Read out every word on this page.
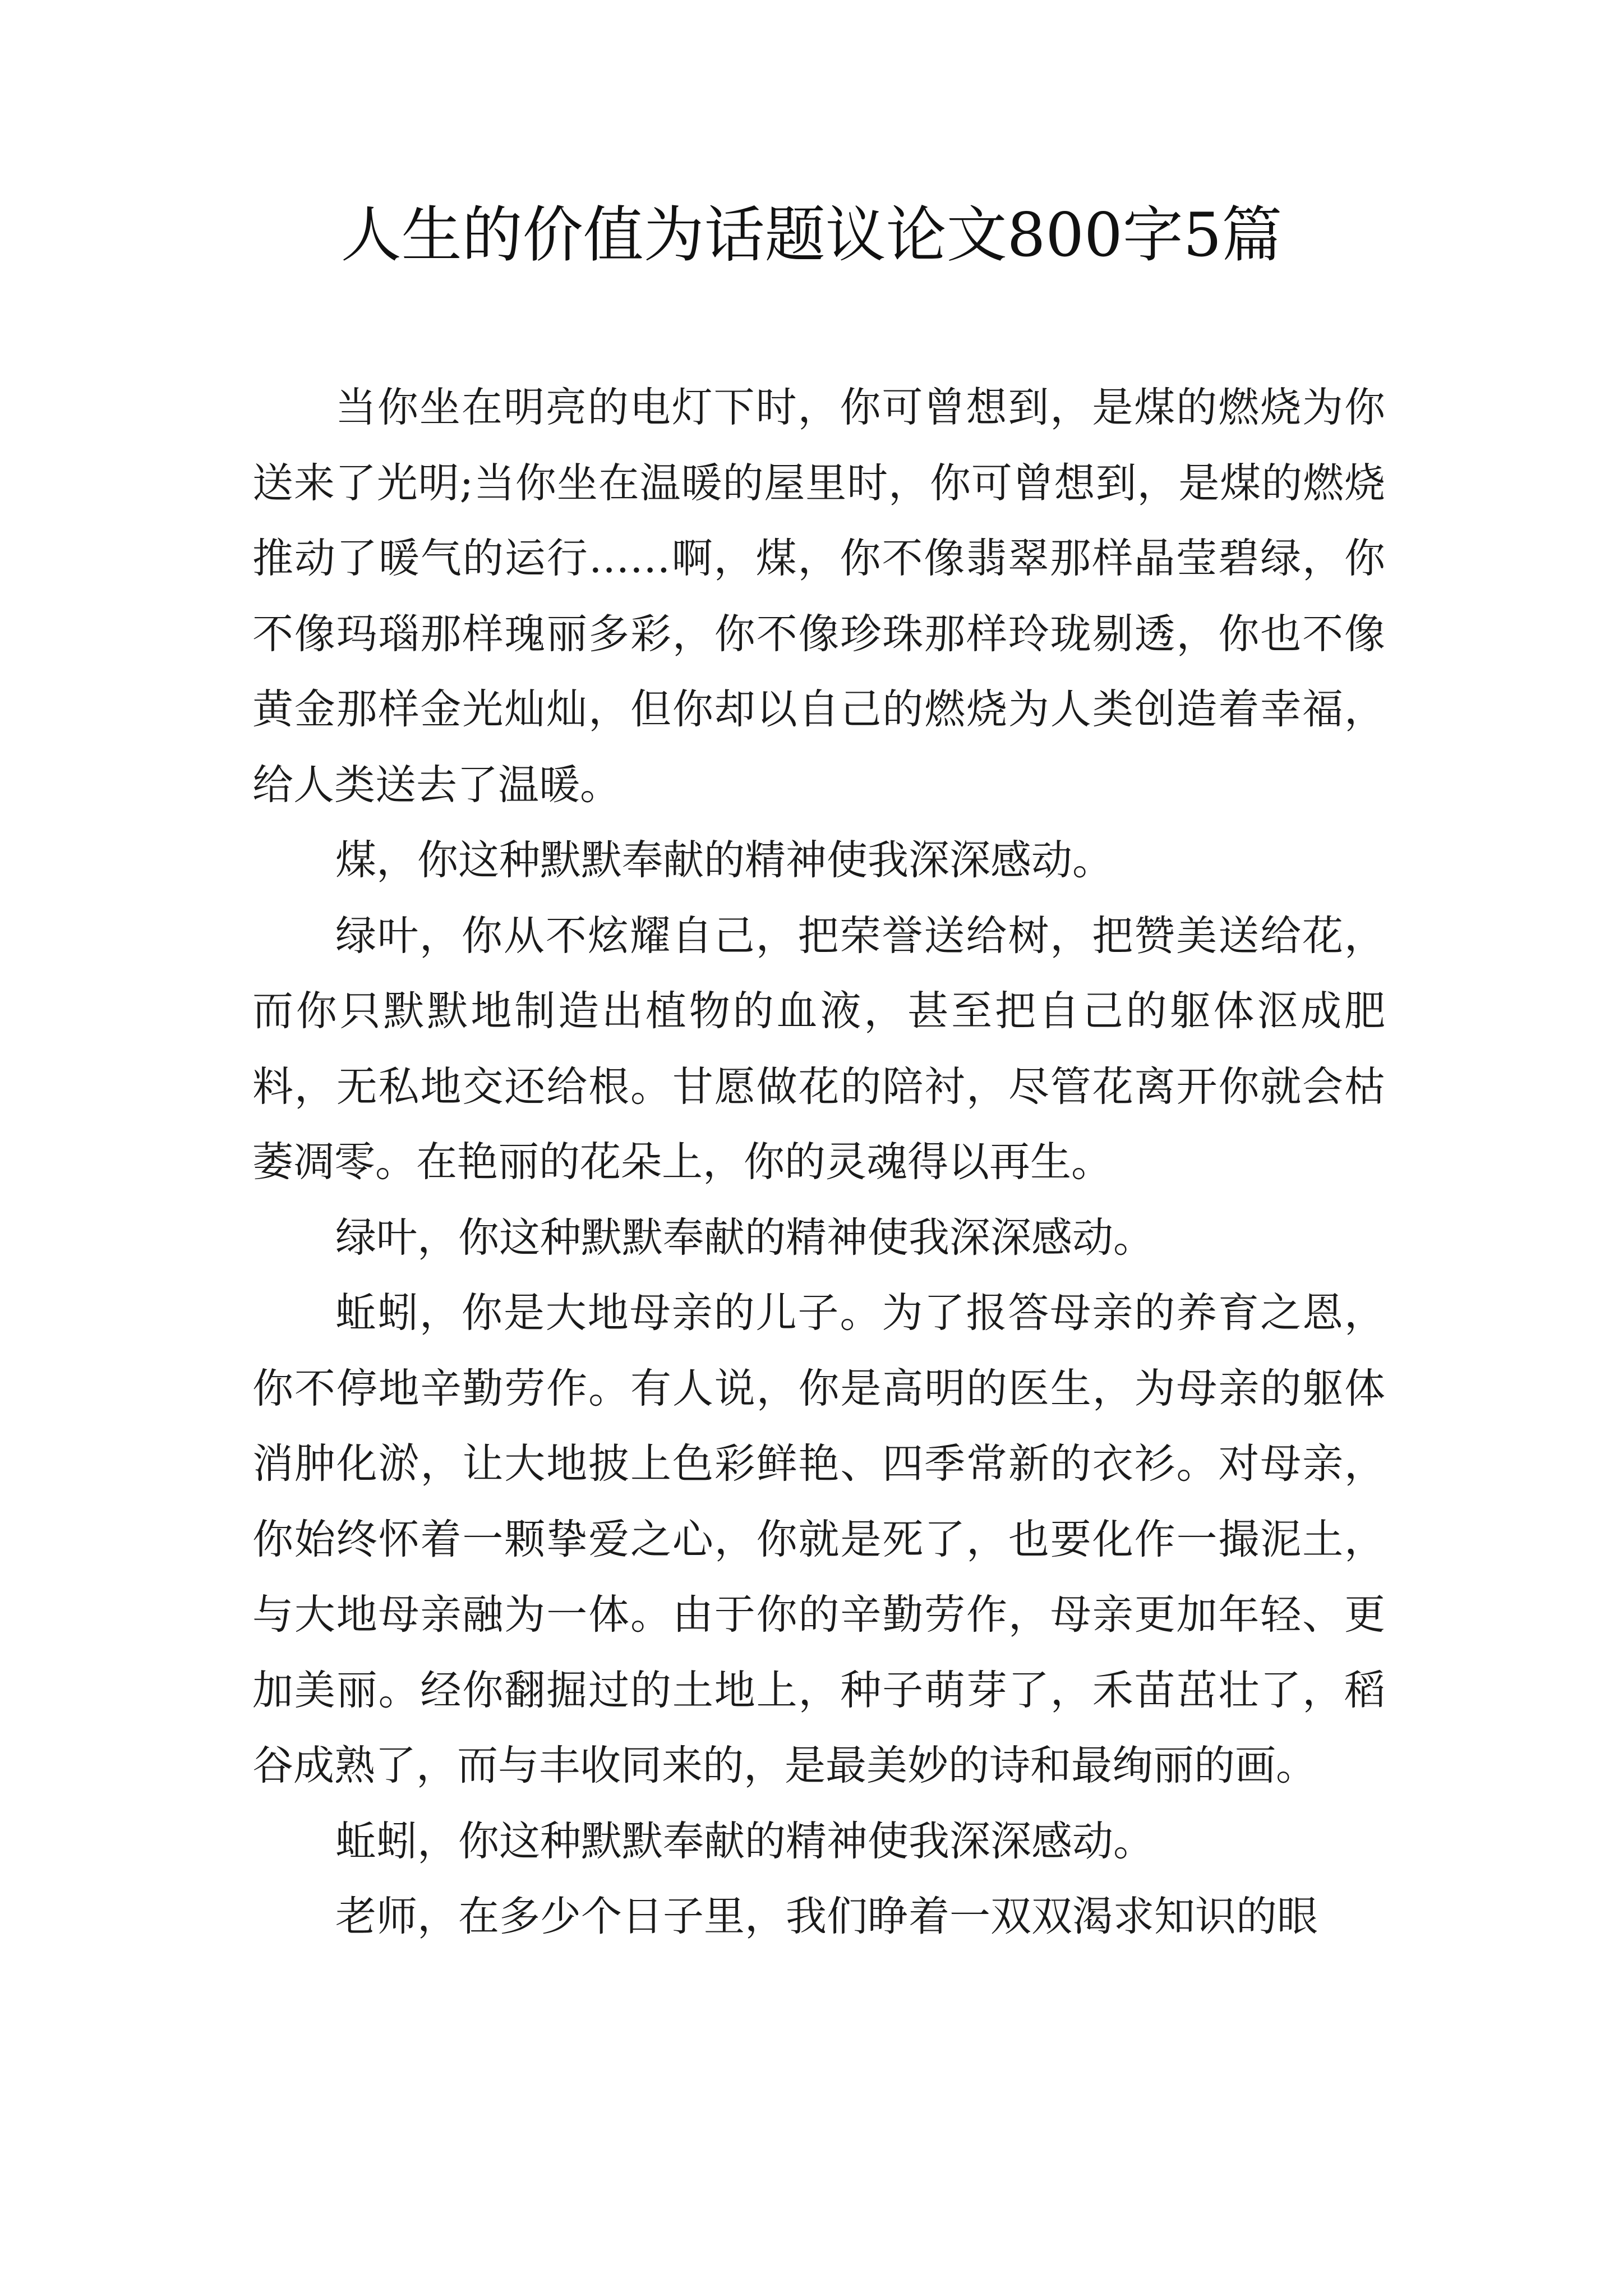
人生的价值为话题议论文800字5篇

当你坐在明亮的电灯下时，你可曾想到，是煤的燃烧为你送来了光明;当你坐在温暖的屋里时，你可曾想到，是煤的燃烧推动了暖气的运行……啊，煤，你不像翡翠那样晶莹碧绿，你不像玛瑙那样瑰丽多彩，你不像珍珠那样玲珑剔透，你也不像黄金那样金光灿灿，但你却以自己的燃烧为人类创造着幸福，给人类送去了温暖。

煤，你这种默默奉献的精神使我深深感动。

绿叶，你从不炫耀自己，把荣誉送给树，把赞美送给花，而你只默默地制造出植物的血液，甚至把自己的躯体沤成肥料，无私地交还给根。甘愿做花的陪衬，尽管花离开你就会枯萎凋零。在艳丽的花朵上，你的灵魂得以再生。

绿叶，你这种默默奉献的精神使我深深感动。

蚯蚓，你是大地母亲的儿子。为了报答母亲的养育之恩，你不停地辛勤劳作。有人说，你是高明的医生，为母亲的躯体消肿化淤，让大地披上色彩鲜艳、四季常新的衣衫。对母亲，你始终怀着一颗挚爱之心，你就是死了，也要化作一撮泥土，与大地母亲融为一体。由于你的辛勤劳作，母亲更加年轻、更加美丽。经你翻掘过的土地上，种子萌芽了，禾苗茁壮了，稻谷成熟了，而与丰收同来的，是最美妙的诗和最绚丽的画。

蚯蚓，你这种默默奉献的精神使我深深感动。

老师，在多少个日子里，我们睁着一双双渴求知识的眼
